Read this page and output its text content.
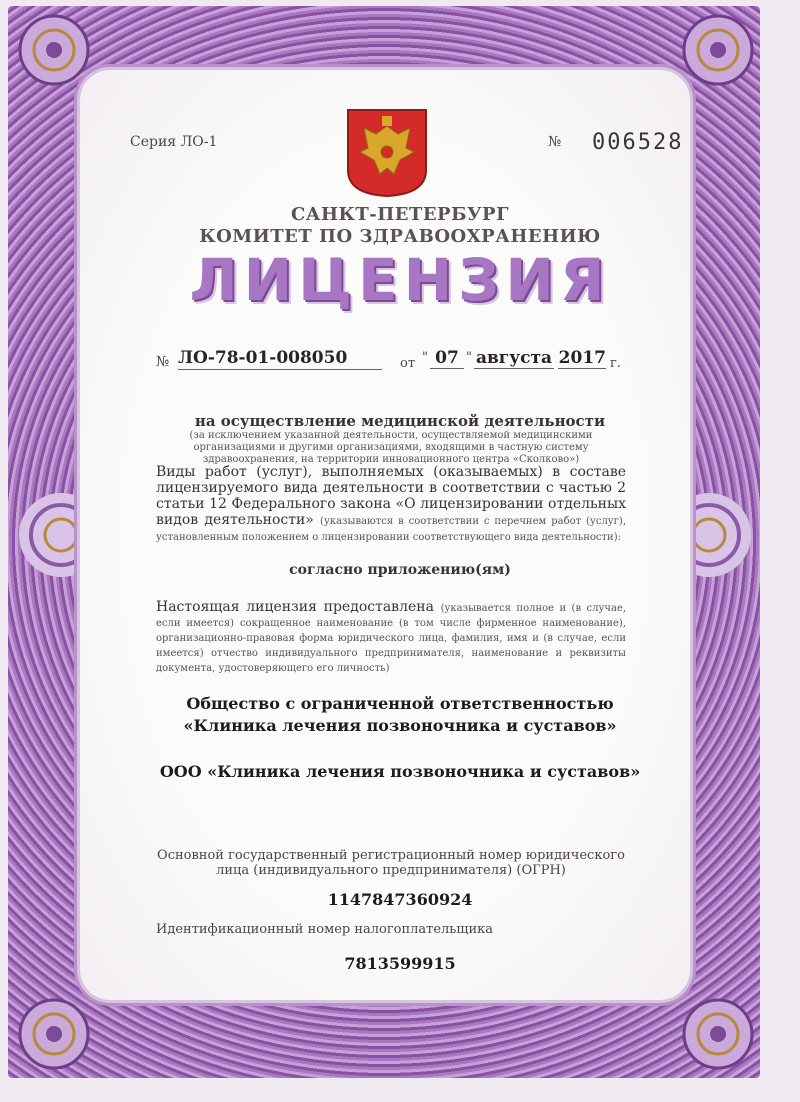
Серия ЛО-1	№ 006528
САНКТ-ПЕТЕРБУРГ
КОМИТЕТ ПО ЗДРАВООХРАНЕНИЮ
ЛИЦЕНЗИЯ
№ ЛО-78-01-008050	от " 07 " августа 2017 г.
на осуществление медицинской деятельности
(за исключением указанной деятельности, осуществляемой медицинскими организациями и другими организациями, входящими в частную систему здравоохранения, на территории инновационного центра «Сколково»)
Виды работ (услуг), выполняемых (оказываемых) в составе лицензируемого вида деятельности в соответствии с частью 2 статьи 12 Федерального закона «О лицензировании отдельных видов деятельности» (указываются в соответствии с перечнем работ (услуг), установленным положением о лицензировании соответствующего вида деятельности):
согласно приложению(ям)
Настоящая лицензия предоставлена (указывается полное и (в случае, если имеется) сокращенное наименование (в том числе фирменное наименование), организационно-правовая форма юридического лица, фамилия, имя и (в случае, если имеется) отчество индивидуального предпринимателя, наименование и реквизиты документа, удостоверяющего его личность)
Общество с ограниченной ответственностью
«Клиника лечения позвоночника и суставов»
ООО «Клиника лечения позвоночника и суставов»
Основной государственный регистрационный номер юридического лица (индивидуального предпринимателя) (ОГРН)
1147847360924
Идентификационный номер налогоплательщика
7813599915
